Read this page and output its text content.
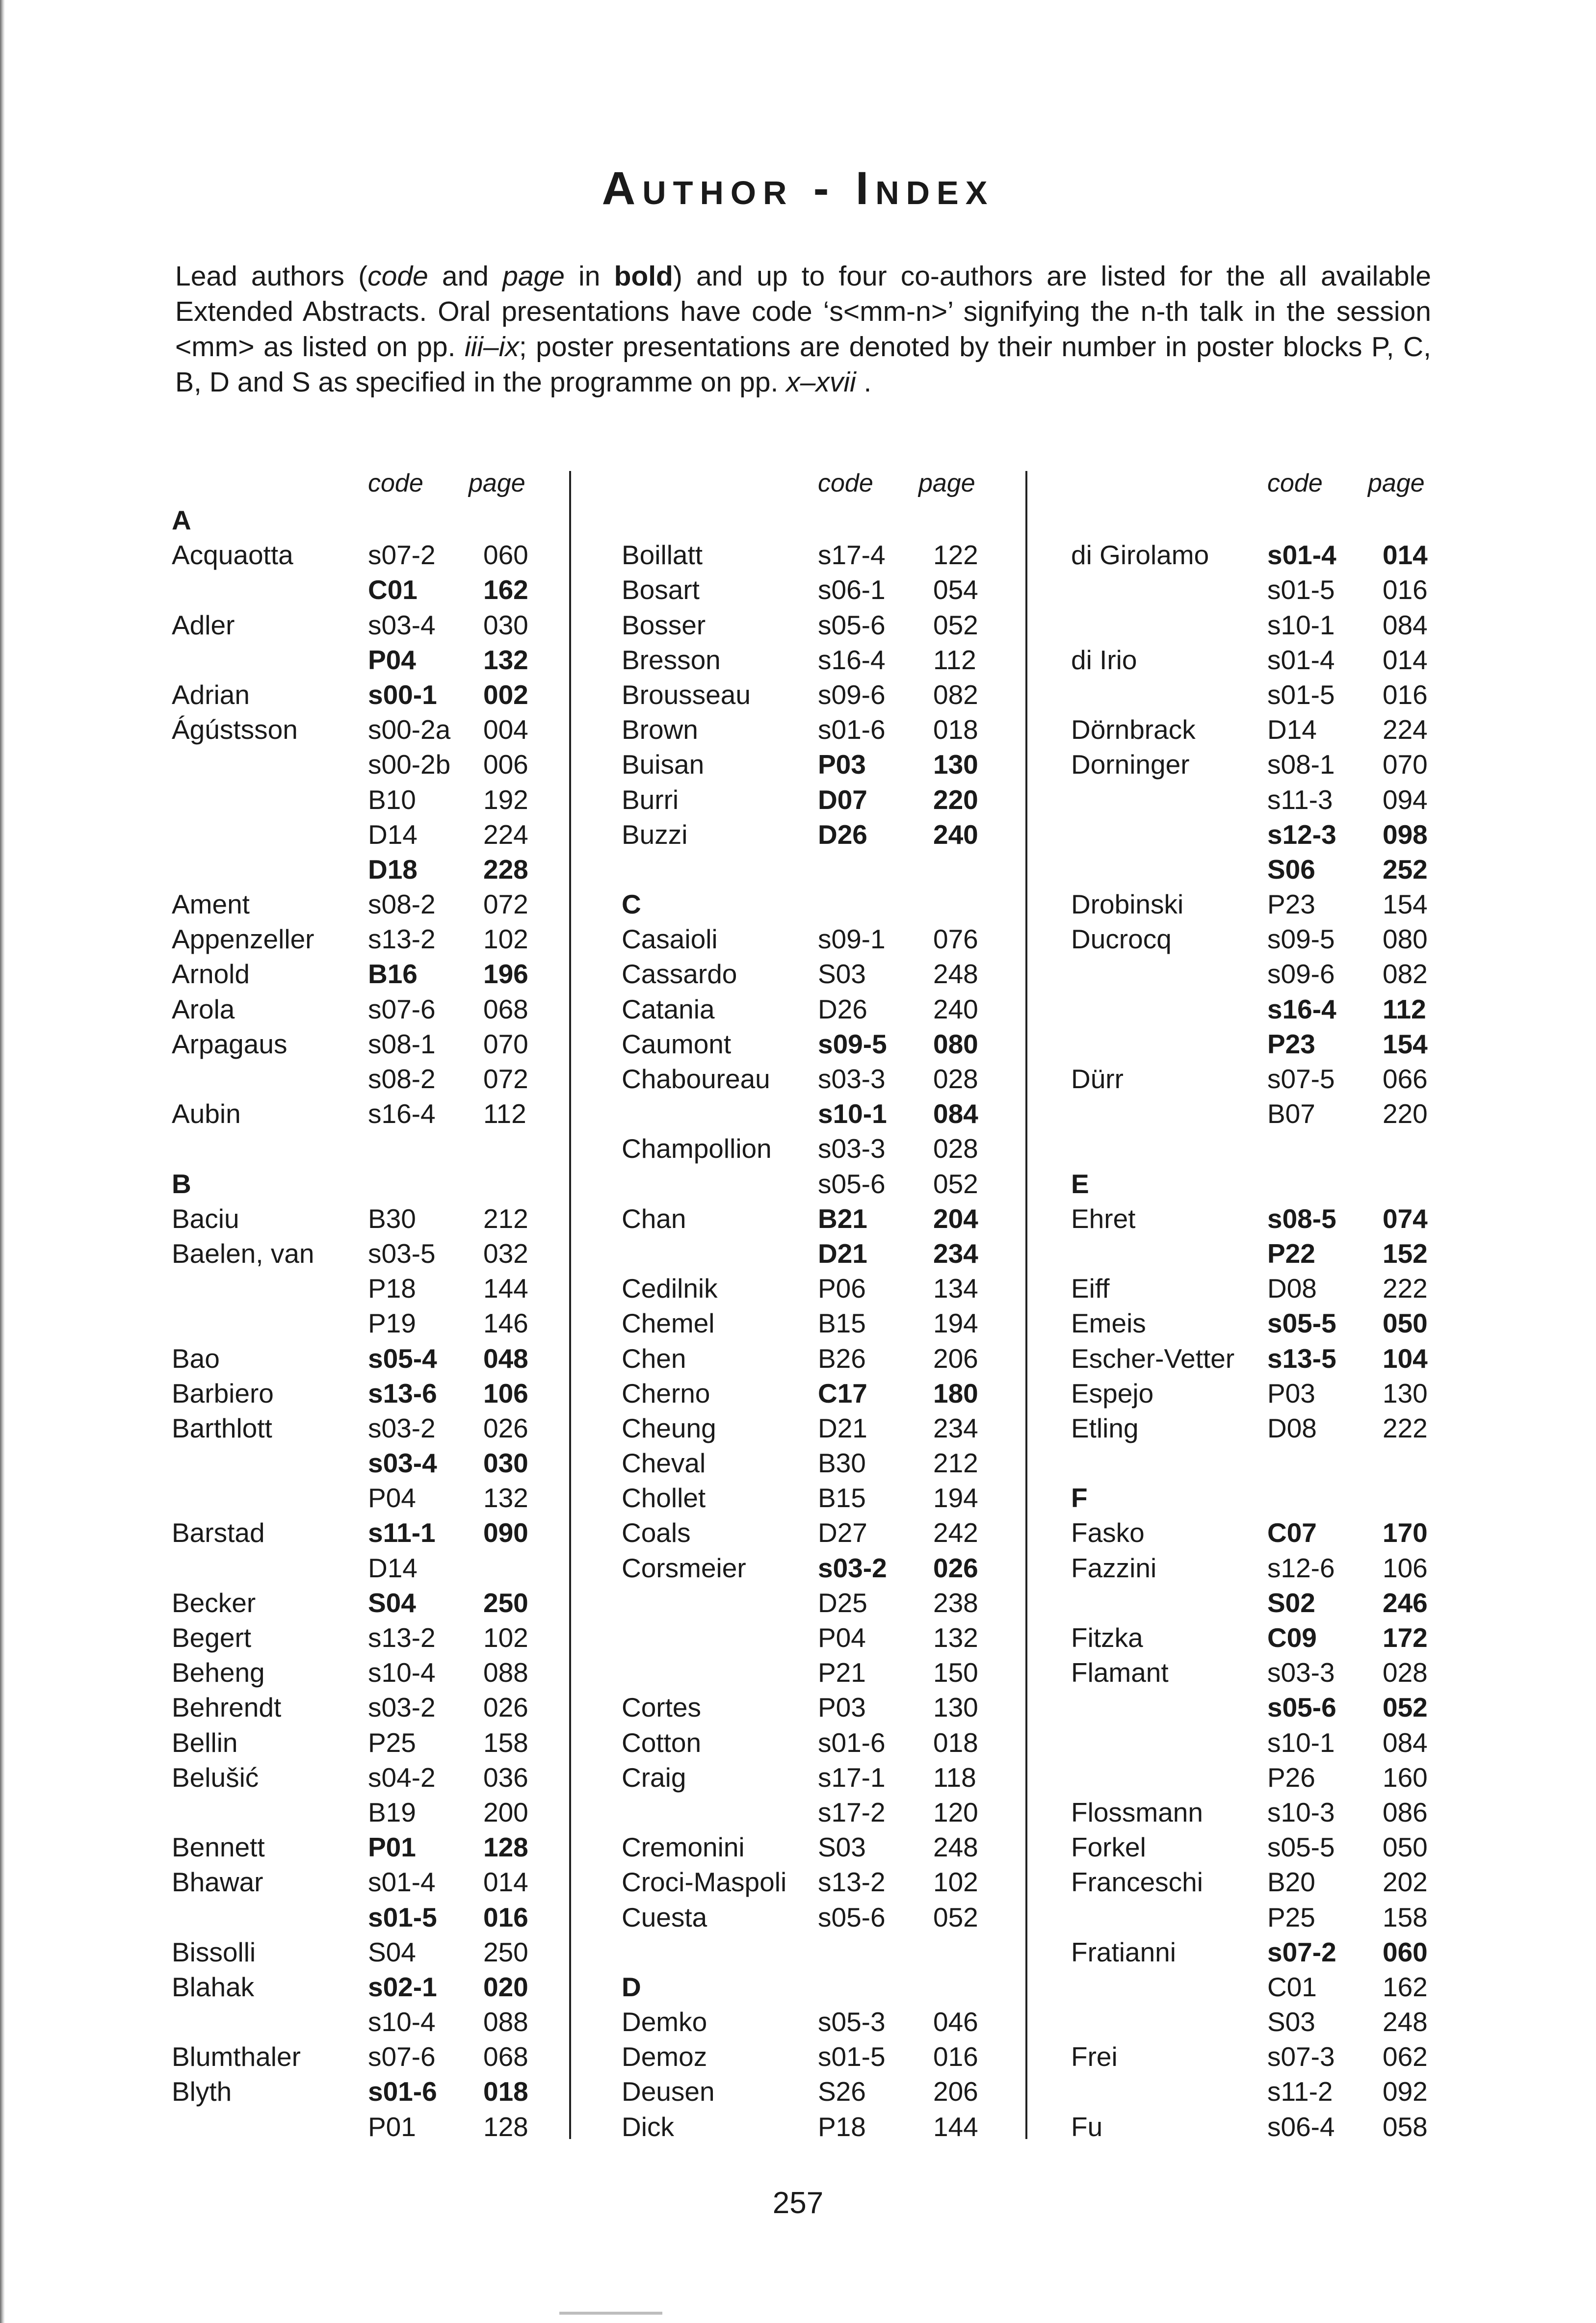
Author - Index
Lead authors (code and page in bold) and up to four co-authors are listed for the all available Extended Abstracts. Oral presentations have code ‘s<mm-n>’ signifying the n-th talk in the session <mm> as listed on pp. iii–ix; poster presentations are denoted by their number in poster blocks P, C, B, D and S as specified in the programme on pp. x–xvii .
code page
A
Acquaotta	s07-2 060
C01 162
Adler	s03-4 030
P04 132
Adrian	s00-1 002
Ágústsson	s00-2a 004
s00-2b 006
B10 192
D14 224
D18 228
Ament	s08-2 072
Appenzeller s13-2 102
Arnold	B16 196
Arola	s07-6 068
Arpagaus	s08-1 070
s08-2 072
Aubin	s16-4 112
B
Baciu	B30 212
Baelen, van s03-5 032
P18 144
P19 146
Bao	s05-4 048
Barbiero	s13-6 106
Barthlott	s03-2 026
s03-4 030
P04 132
Barstad	s11-1 090
D14
Becker	S04 250
Begert	s13-2 102
Beheng	s10-4 088
Behrendt	s03-2 026
Bellin	P25 158
Belušić	s04-2 036
B19 200
Bennett	P01 128
Bhawar	s01-4 014
s01-5 016
Bissolli	S04 250
Blahak	s02-1 020
s10-4 088
Blumthaler s07-6 068
Blyth	s01-6 018
P01 128
code page
Boillatt	s17-4 122
Bosart	s06-1 054
Bosser	s05-6 052
Bresson	s16-4 112
Brousseau s09-6 082
Brown	s01-6 018
Buisan	P03 130
Burri	D07 220
Buzzi	D26 240
C
Casaioli	s09-1 076
Cassardo	S03 248
Catania	D26 240
Caumont	s09-5 080
Chaboureau s03-3 028
s10-1 084
Champollion s03-3 028
s05-6 052
Chan	B21 204
D21 234
Cedilnik	P06 134
Chemel	B15 194
Chen	B26 206
Cherno	C17 180
Cheung	D21 234
Cheval	B30 212
Chollet	B15 194
Coals	D27 242
Corsmeier	s03-2 026
D25 238
P04 132
P21 150
Cortes	P03 130
Cotton	s01-6 018
Craig	s17-1 118
s17-2 120
Cremonini	S03 248
Croci-Maspoli s13-2 102
Cuesta	s05-6 052
D
Demko	s05-3 046
Demoz	s01-5 016
Deusen	S26 206
Dick	P18 144
code page
di Girolamo s01-4 014
s01-5 016
s10-1 084
di Irio	s01-4 014
s01-5 016
Dörnbrack	D14 224
Dorninger	s08-1 070
s11-3 094
s12-3 098
S06 252
Drobinski	P23 154
Ducrocq	s09-5 080
s09-6 082
s16-4 112
P23 154
Dürr	s07-5 066
B07 220
E
Ehret	s08-5 074
P22 152
Eiff	D08 222
Emeis	s05-5 050
Escher-Vetter s13-5 104
Espejo	P03 130
Etling	D08 222
F
Fasko	C07 170
Fazzini	s12-6 106
S02 246
Fitzka	C09 172
Flamant	s03-3 028
s05-6 052
s10-1 084
P26 160
Flossmann s10-3 086
Forkel	s05-5 050
Franceschi B20 202
P25 158
Fratianni	s07-2 060
C01 162
S03 248
Frei	s07-3 062
s11-2 092
Fu	s06-4 058
257
